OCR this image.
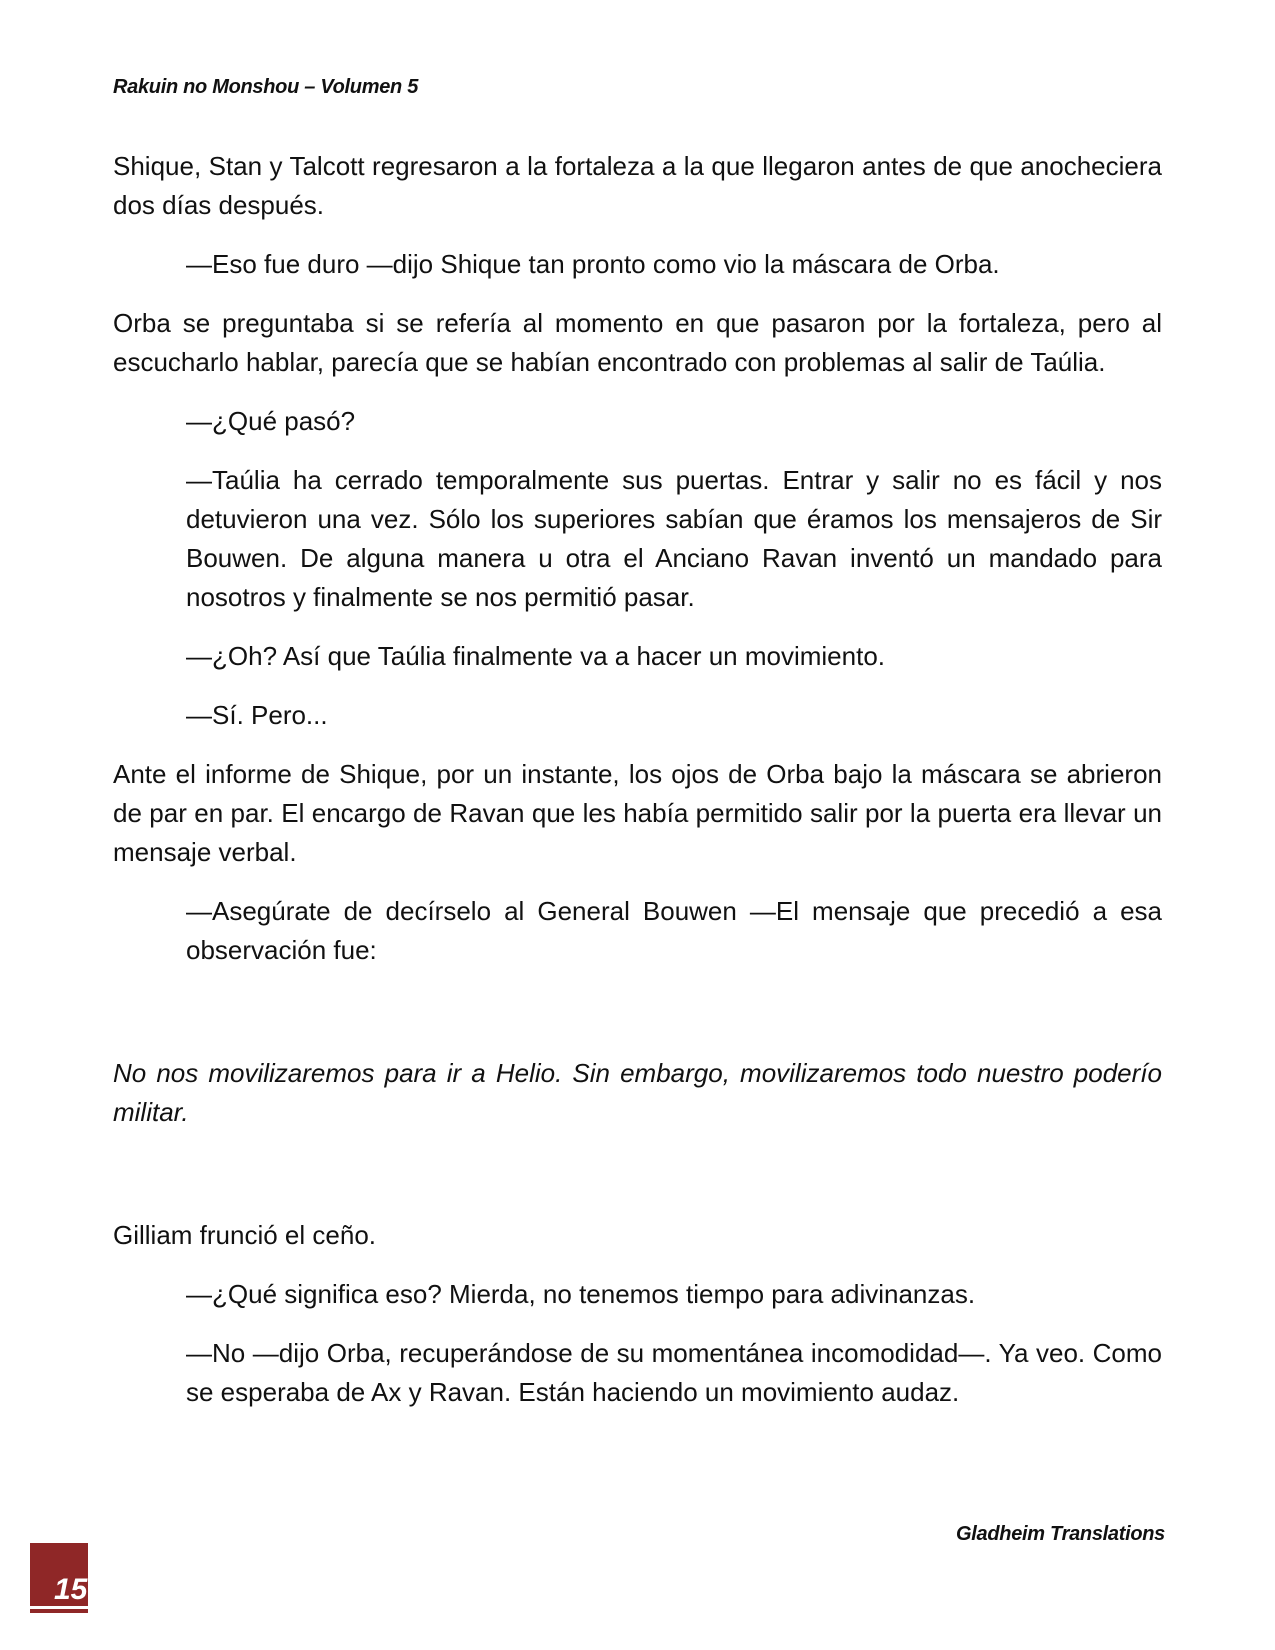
Rakuin no Monshou – Volumen 5

Shique, Stan y Talcott regresaron a la fortaleza a la que llegaron antes de que anocheciera dos días después.

—Eso fue duro —dijo Shique tan pronto como vio la máscara de Orba.

Orba se preguntaba si se refería al momento en que pasaron por la fortaleza, pero al escucharlo hablar, parecía que se habían encontrado con problemas al salir de Taúlia.

—¿Qué pasó?

—Taúlia ha cerrado temporalmente sus puertas. Entrar y salir no es fácil y nos detuvieron una vez. Sólo los superiores sabían que éramos los mensajeros de Sir Bouwen. De alguna manera u otra el Anciano Ravan inventó un mandado para nosotros y finalmente se nos permitió pasar.

—¿Oh? Así que Taúlia finalmente va a hacer un movimiento.

—Sí. Pero...

Ante el informe de Shique, por un instante, los ojos de Orba bajo la máscara se abrieron de par en par. El encargo de Ravan que les había permitido salir por la puerta era llevar un mensaje verbal.

—Asegúrate de decírselo al General Bouwen —El mensaje que precedió a esa observación fue:

No nos movilizaremos para ir a Helio. Sin embargo, movilizaremos todo nuestro poderío militar.

Gilliam frunció el ceño.

—¿Qué significa eso? Mierda, no tenemos tiempo para adivinanzas.

—No —dijo Orba, recuperándose de su momentánea incomodidad—. Ya veo. Como se esperaba de Ax y Ravan. Están haciendo un movimiento audaz.

Gladheim Translations
15
